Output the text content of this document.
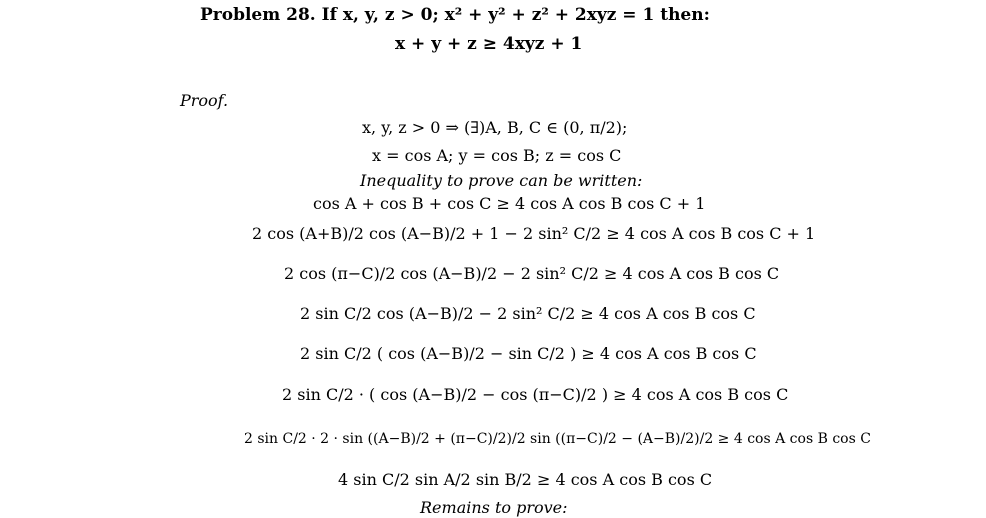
Problem 28. If x, y, z > 0; x² + y² + z² + 2xyz = 1 then:
x + y + z ≥ 4xyz + 1
Proof.
x, y, z > 0 ⇒ (∃)A, B, C ∈ (0, π/2);
x = cos A; y = cos B; z = cos C
Inequality to prove can be written:
cos A + cos B + cos C ≥ 4 cos A cos B cos C + 1
2 cos (A+B)/2 cos (A−B)/2 + 1 − 2 sin² C/2 ≥ 4 cos A cos B cos C + 1
2 cos (π−C)/2 cos (A−B)/2 − 2 sin² C/2 ≥ 4 cos A cos B cos C
2 sin C/2 cos (A−B)/2 − 2 sin² C/2 ≥ 4 cos A cos B cos C
2 sin C/2 ( cos (A−B)/2 − sin C/2 ) ≥ 4 cos A cos B cos C
2 sin C/2 · ( cos (A−B)/2 − cos (π−C)/2 ) ≥ 4 cos A cos B cos C
2 sin C/2 · 2 · sin ((A−B)/2 + (π−C)/2)/2 sin ((π−C)/2 − (A−B)/2)/2 ≥ 4 cos A cos B cos C
4 sin C/2 sin A/2 sin B/2 ≥ 4 cos A cos B cos C
Remains to prove:
